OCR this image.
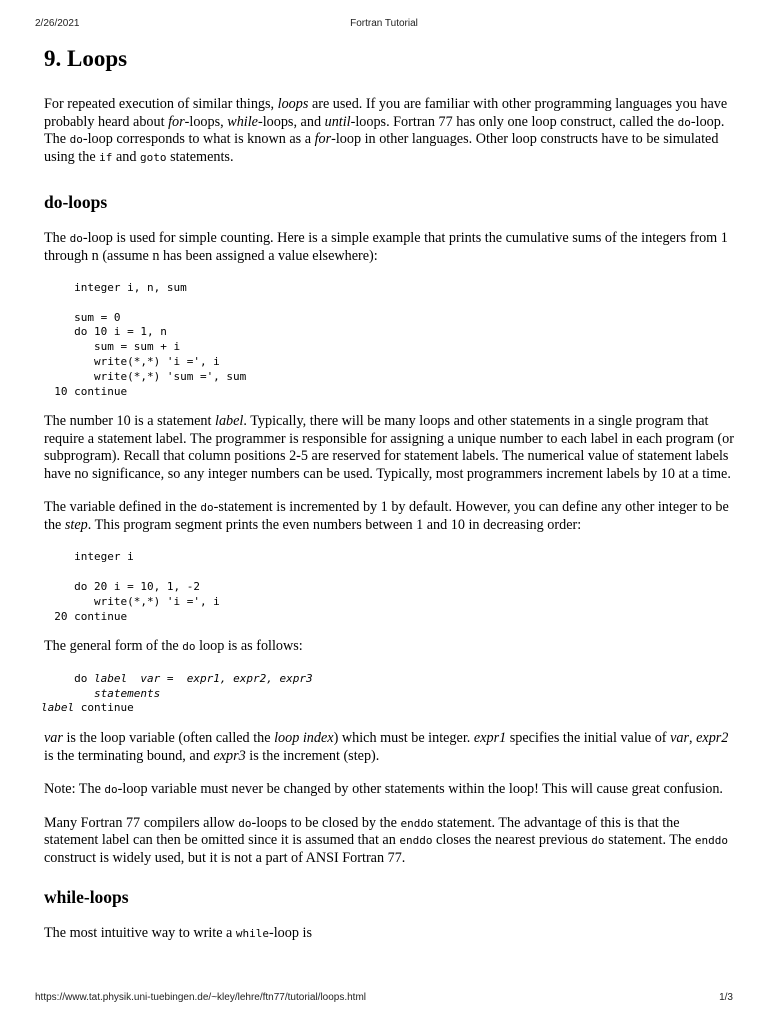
2/26/2021	Fortran Tutorial
9. Loops

For repeated execution of similar things, loops are used. If you are familiar with other programming languages you have probably heard about for-loops, while-loops, and until-loops. Fortran 77 has only one loop construct, called the do-loop. The do-loop corresponds to what is known as a for-loop in other languages. Other loop constructs have to be simulated using the if and goto statements.

do-loops

The do-loop is used for simple counting. Here is a simple example that prints the cumulative sums of the integers from 1 through n (assume n has been assigned a value elsewhere):

integer i, n, sum

sum = 0
do 10 i = 1, n
sum = sum + i
write(*,*) 'i =', i
write(*,*) 'sum =', sum
10 continue

The number 10 is a statement label. Typically, there will be many loops and other statements in a single program that require a statement label. The programmer is responsible for assigning a unique number to each label in each program (or subprogram). Recall that column positions 2-5 are reserved for statement labels. The numerical value of statement labels have no significance, so any integer numbers can be used. Typically, most programmers increment labels by 10 at a time.

The variable defined in the do-statement is incremented by 1 by default. However, you can define any other integer to be the step. This program segment prints the even numbers between 1 and 10 in decreasing order:

integer i

do 20 i = 10, 1, -2
write(*,*) 'i =', i
20 continue

The general form of the do loop is as follows:

do label var = expr1, expr2, expr3
statements
label continue

var is the loop variable (often called the loop index) which must be integer. expr1 specifies the initial value of var, expr2 is the terminating bound, and expr3 is the increment (step).

Note: The do-loop variable must never be changed by other statements within the loop! This will cause great confusion.

Many Fortran 77 compilers allow do-loops to be closed by the enddo statement. The advantage of this is that the statement label can then be omitted since it is assumed that an enddo closes the nearest previous do statement. The enddo construct is widely used, but it is not a part of ANSI Fortran 77.

while-loops

The most intuitive way to write a while-loop is

https://www.tat.physik.uni-tuebingen.de/~kley/lehre/ftn77/tutorial/loops.html	1/3
